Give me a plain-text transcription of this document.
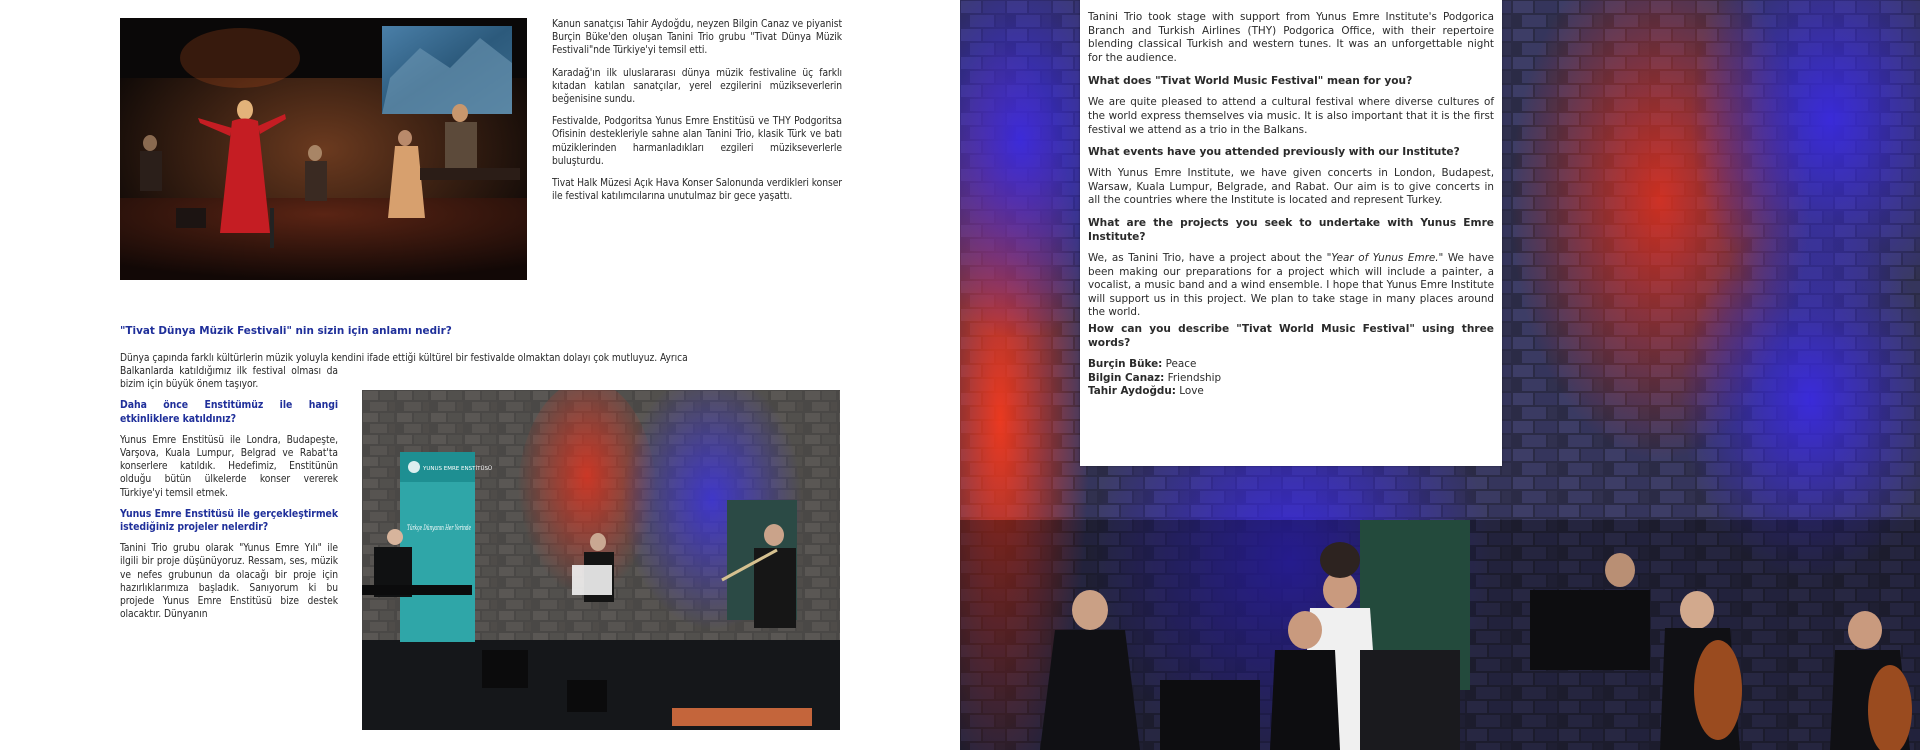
Kanun sanatçısı Tahir Aydoğdu, neyzen Bilgin Canaz ve piyanist Burçin Büke'den oluşan Tanini Trio grubu "Tivat Dünya Müzik Festivali"nde Türkiye'yi temsil etti.

Karadağ'ın ilk uluslararası dünya müzik festivaline üç farklı kıtadan katılan sanatçılar, yerel ezgilerini müzikseverlerin beğenisine sundu.

Festivalde, Podgoritsa Yunus Emre Enstitüsü ve THY Podgoritsa Ofisinin destekleriyle sahne alan Tanini Trio, klasik Türk ve batı müziklerinden harmanladıkları ezgileri müzikseverlerle buluşturdu.

Tivat Halk Müzesi Açık Hava Konser Salonunda verdikleri konser ile festival katılımcılarına unutulmaz bir gece yaşattı.

"Tivat Dünya Müzik Festivali" nin sizin için anlamı nedir?
Dünya çapında farklı kültürlerin müzik yoluyla kendini ifade ettiği kültürel bir festivalde olmaktan dolayı çok mutluyuz. Ayrıca

Balkanlarda katıldığımız ilk festival olması da bizim için büyük önem taşıyor.

Daha önce Enstitümüz ile hangi etkinliklere katıldınız?

Yunus Emre Enstitüsü ile Londra, Budapeşte, Varşova, Kuala Lumpur, Belgrad ve Rabat'ta konserlere katıldık. Hedefimiz, Enstitünün olduğu bütün ülkelerde konser vererek Türkiye'yi temsil etmek.

Yunus Emre Enstitüsü ile gerçekleştirmek istediğiniz projeler nelerdir?

Tanini Trio grubu olarak "Yunus Emre Yılı" ile ilgili bir proje düşünüyoruz. Ressam, ses, müzik ve nefes grubunun da olacağı bir proje için hazırlıklarımıza başladık. Sanıyorum ki bu projede Yunus Emre Enstitüsü bize destek olacaktır. Dünyanın

YUNUS EMRE ENSTİTÜSÜ
Türkçe Dünyanın Her Yerinde

Tanini Trio took stage with support from Yunus Emre Institute's Podgorica Branch and Turkish Airlines (THY) Podgorica Office, with their repertoire blending classical Turkish and western tunes. It was an unforgettable night for the audience.

What does "Tivat World Music Festival" mean for you?

We are quite pleased to attend a cultural festival where diverse cultures of the world express themselves via music. It is also important that it is the first festival we attend as a trio in the Balkans.

What events have you attended previously with our Institute?

With Yunus Emre Institute, we have given concerts in London, Budapest, Warsaw, Kuala Lumpur, Belgrade, and Rabat. Our aim is to give concerts in all the countries where the Institute is located and represent Turkey.

What are the projects you seek to undertake with Yunus Emre Institute?

We, as Tanini Trio, have a project about the "Year of Yunus Emre." We have been making our preparations for a project which will include a painter, a vocalist, a music band and a wind ensemble. I hope that Yunus Emre Institute will support us in this project. We plan to take stage in many places around the world.

How can you describe "Tivat World Music Festival" using three words?

Burçin Büke: Peace
Bilgin Canaz: Friendship
Tahir Aydoğdu: Love
